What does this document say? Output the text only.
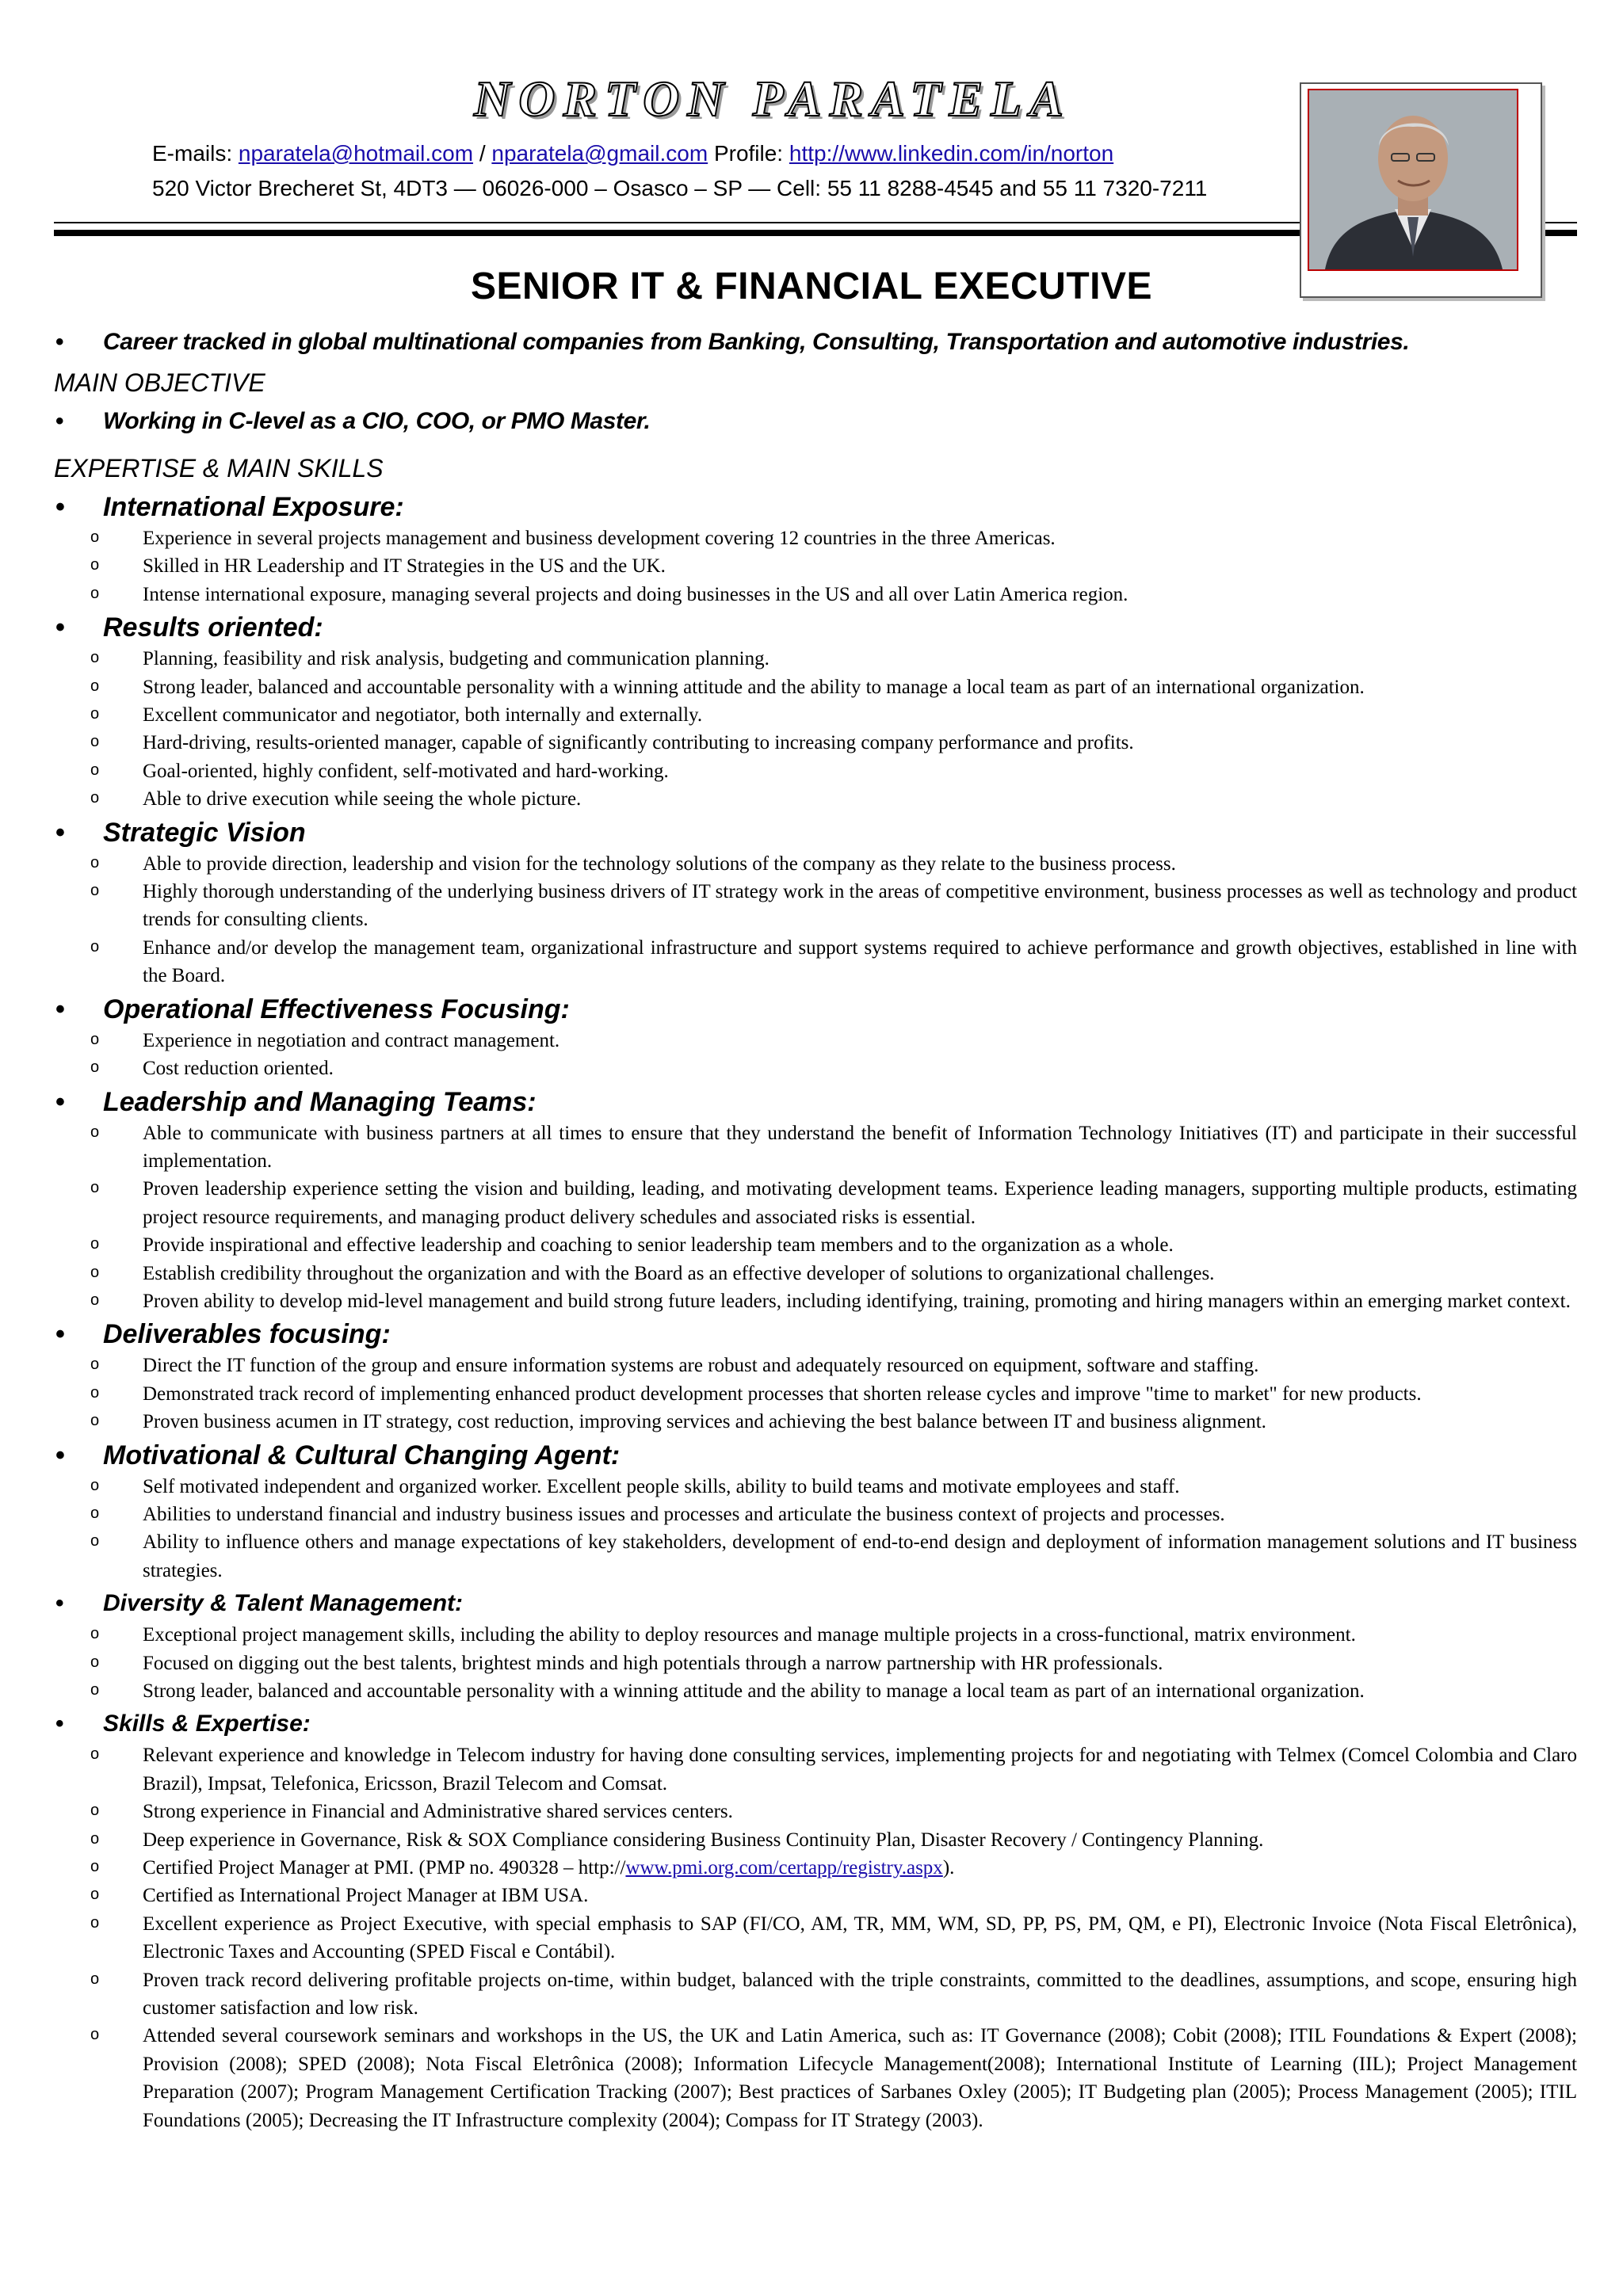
NORTON PARATELA
E-mails: nparatela@hotmail.com / nparatela@gmail.com Profile: http://www.linkedin.com/in/norton
520 Victor Brecheret St, 4DT3 — 06026-000 – Osasco – SP — Cell: 55 11 8288-4545 and 55 11 7320-7211
SENIOR IT & FINANCIAL EXECUTIVE
• Career tracked in global multinational companies from Banking, Consulting, Transportation and automotive industries.
MAIN OBJECTIVE
• Working in C-level as a CIO, COO, or PMO Master.
EXPERTISE & MAIN SKILLS
• International Exposure:
o Experience in several projects management and business development covering 12 countries in the three Americas.
o Skilled in HR Leadership and IT Strategies in the US and the UK.
o Intense international exposure, managing several projects and doing businesses in the US and all over Latin America region.
• Results oriented:
o Planning, feasibility and risk analysis, budgeting and communication planning.
o Strong leader, balanced and accountable personality with a winning attitude and the ability to manage a local team as part of an international organization.
o Excellent communicator and negotiator, both internally and externally.
o Hard-driving, results-oriented manager, capable of significantly contributing to increasing company performance and profits.
o Goal-oriented, highly confident, self-motivated and hard-working.
o Able to drive execution while seeing the whole picture.
• Strategic Vision
o Able to provide direction, leadership and vision for the technology solutions of the company as they relate to the business process.
o Highly thorough understanding of the underlying business drivers of IT strategy work in the areas of competitive environment, business processes as well as technology and product trends for consulting clients.
o Enhance and/or develop the management team, organizational infrastructure and support systems required to achieve performance and growth objectives, established in line with the Board.
• Operational Effectiveness Focusing:
o Experience in negotiation and contract management.
o Cost reduction oriented.
• Leadership and Managing Teams:
o Able to communicate with business partners at all times to ensure that they understand the benefit of Information Technology Initiatives (IT) and participate in their successful implementation.
o Proven leadership experience setting the vision and building, leading, and motivating development teams. Experience leading managers, supporting multiple products, estimating project resource requirements, and managing product delivery schedules and associated risks is essential.
o Provide inspirational and effective leadership and coaching to senior leadership team members and to the organization as a whole.
o Establish credibility throughout the organization and with the Board as an effective developer of solutions to organizational challenges.
o Proven ability to develop mid-level management and build strong future leaders, including identifying, training, promoting and hiring managers within an emerging market context.
• Deliverables focusing:
o Direct the IT function of the group and ensure information systems are robust and adequately resourced on equipment, software and staffing.
o Demonstrated track record of implementing enhanced product development processes that shorten release cycles and improve "time to market" for new products.
o Proven business acumen in IT strategy, cost reduction, improving services and achieving the best balance between IT and business alignment.
• Motivational & Cultural Changing Agent:
o Self motivated independent and organized worker. Excellent people skills, ability to build teams and motivate employees and staff.
o Abilities to understand financial and industry business issues and processes and articulate the business context of projects and processes.
o Ability to influence others and manage expectations of key stakeholders, development of end-to-end design and deployment of information management solutions and IT business strategies.
• Diversity & Talent Management:
o Exceptional project management skills, including the ability to deploy resources and manage multiple projects in a cross-functional, matrix environment.
o Focused on digging out the best talents, brightest minds and high potentials through a narrow partnership with HR professionals.
o Strong leader, balanced and accountable personality with a winning attitude and the ability to manage a local team as part of an international organization.
• Skills & Expertise:
o Relevant experience and knowledge in Telecom industry for having done consulting services, implementing projects for and negotiating with Telmex (Comcel Colombia and Claro Brazil), Impsat, Telefonica, Ericsson, Brazil Telecom and Comsat.
o Strong experience in Financial and Administrative shared services centers.
o Deep experience in Governance, Risk & SOX Compliance considering Business Continuity Plan, Disaster Recovery / Contingency Planning.
o Certified Project Manager at PMI. (PMP no. 490328 – http://www.pmi.org.com/certapp/registry.aspx).
o Certified as International Project Manager at IBM USA.
o Excellent experience as Project Executive, with special emphasis to SAP (FI/CO, AM, TR, MM, WM, SD, PP, PS, PM, QM, e PI), Electronic Invoice (Nota Fiscal Eletrônica), Electronic Taxes and Accounting (SPED Fiscal e Contábil).
o Proven track record delivering profitable projects on-time, within budget, balanced with the triple constraints, committed to the deadlines, assumptions, and scope, ensuring high customer satisfaction and low risk.
o Attended several coursework seminars and workshops in the US, the UK and Latin America, such as: IT Governance (2008); Cobit (2008); ITIL Foundations & Expert (2008); Provision (2008); SPED (2008); Nota Fiscal Eletrônica (2008); Information Lifecycle Management(2008); International Institute of Learning (IIL); Project Management Preparation (2007); Program Management Certification Tracking (2007); Best practices of Sarbanes Oxley (2005); IT Budgeting plan (2005); Process Management (2005); ITIL Foundations (2005); Decreasing the IT Infrastructure complexity (2004); Compass for IT Strategy (2003).
